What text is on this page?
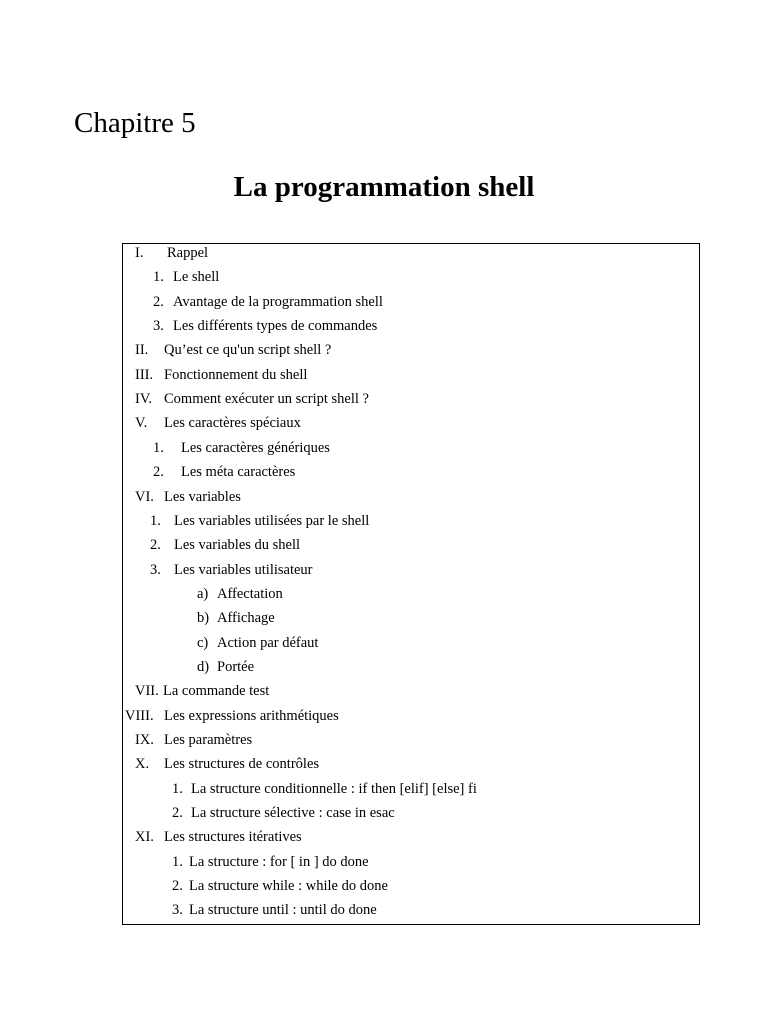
Chapitre 5
La programmation shell
I. Rappel
1. Le shell
2. Avantage de la programmation shell
3. Les différents types de commandes
II. Qu’est ce qu'un script shell ?
III. Fonctionnement du shell
IV. Comment exécuter un script shell ?
V. Les caractères spéciaux
1. Les caractères génériques
2. Les méta caractères
VI. Les variables
1. Les variables utilisées par le shell
2. Les variables du shell
3. Les variables utilisateur
a) Affectation
b) Affichage
c) Action par défaut
d) Portée
VII. La commande test
VIII. Les expressions arithmétiques
IX. Les paramètres
X. Les structures de contrôles
1. La structure conditionnelle : if then [elif] [else] fi
2. La structure sélective : case in esac
XI. Les structures itératives
1. La structure : for [ in ] do done
2. La structure while : while do done
3. La structure until : until do done
